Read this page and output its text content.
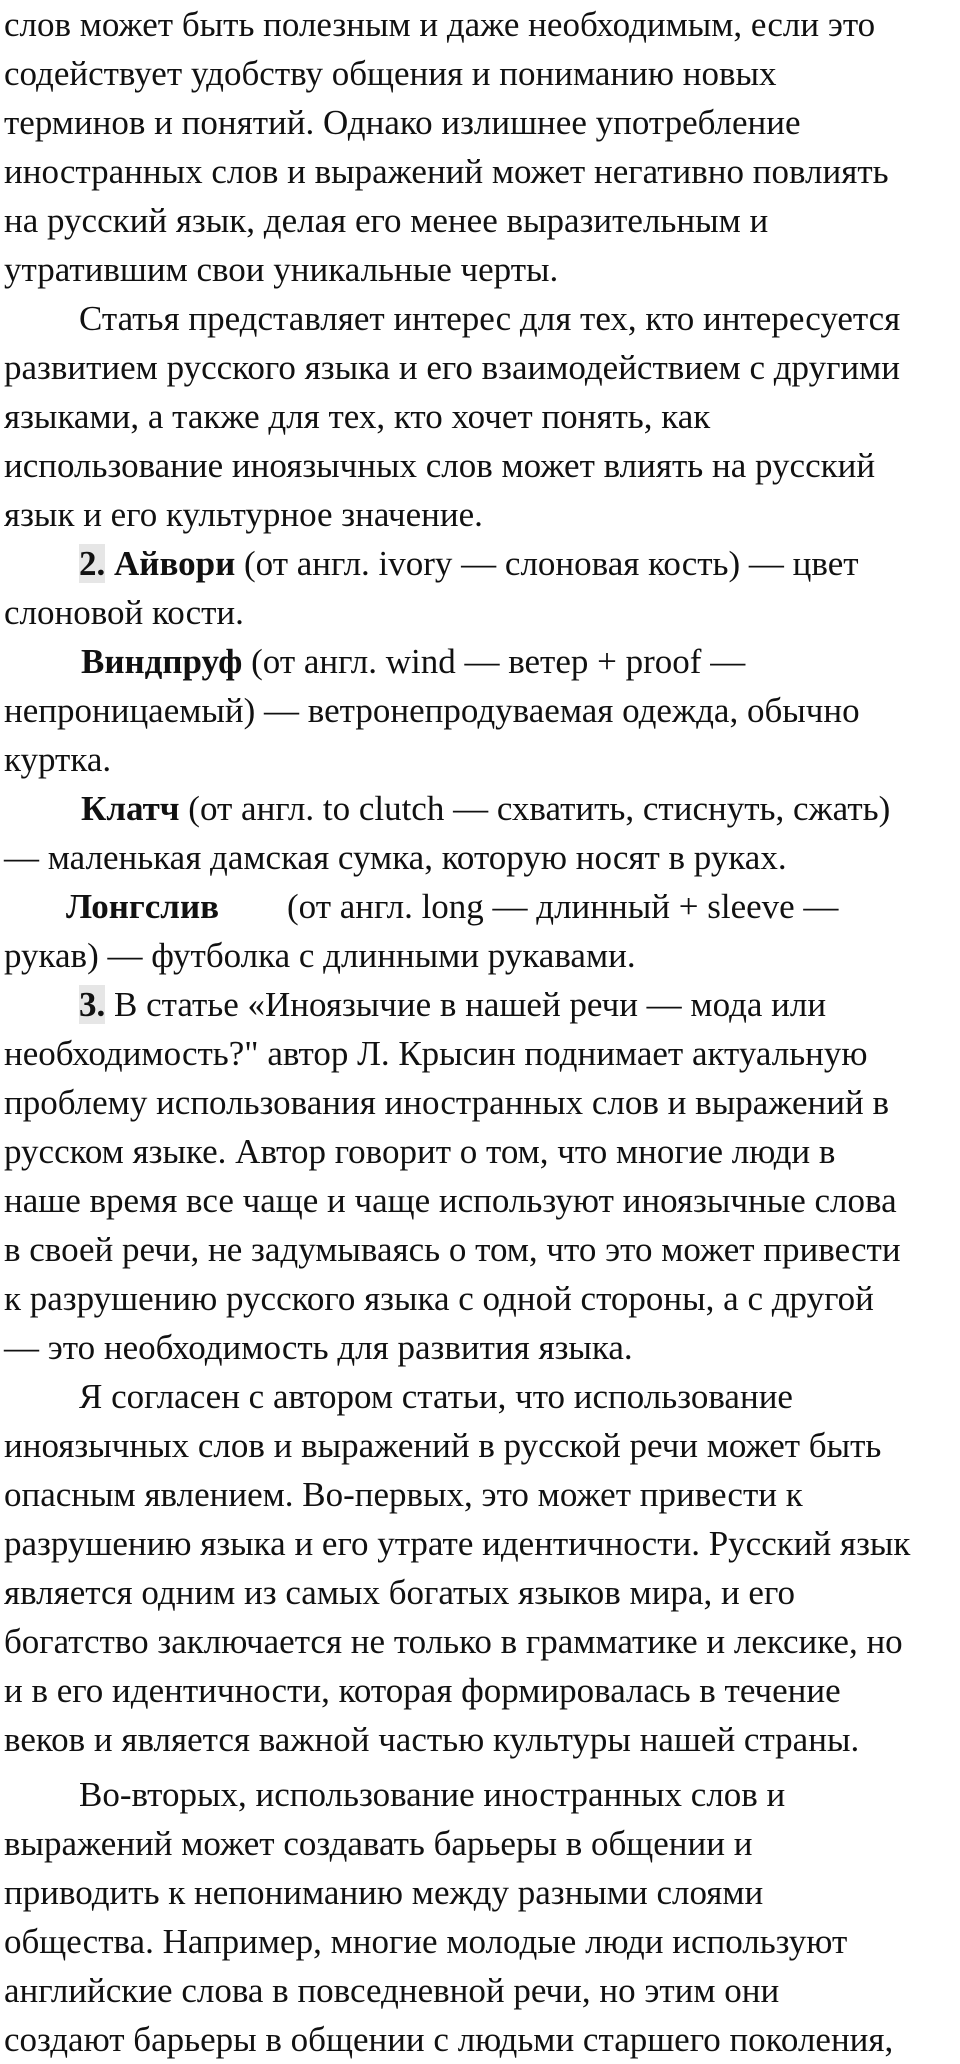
слов может быть полезным и даже необходимым, если это
содействует удобству общения и пониманию новых
терминов и понятий. Однако излишнее употребление
иностранных слов и выражений может негативно повлиять
на русский язык, делая его менее выразительным и
утратившим свои уникальные черты.

Статья представляет интерес для тех, кто интересуется
развитием русского языка и его взаимодействием с другими
языками, а также для тех, кто хочет понять, как
использование иноязычных слов может влиять на русский
язык и его культурное значение.

2. Айвори (от англ. ivory — слоновая кость) — цвет
слоновой кости.

Виндпруф (от англ. wind — ветер + proof —
непроницаемый) — ветронепродуваемая одежда, обычно
куртка.

Клатч (от англ. to clutch — схватить, стиснуть, сжать)
— маленькая дамская сумка, которую носят в руках.

Лонгслив (от англ. long — длинный + sleeve —
рукав) — футболка с длинными рукавами.

3. В статье «Иноязычие в нашей речи — мода или
необходимость?" автор Л. Крысин поднимает актуальную
проблему использования иностранных слов и выражений в
русском языке. Автор говорит о том, что многие люди в
наше время все чаще и чаще используют иноязычные слова
в своей речи, не задумываясь о том, что это может привести
к разрушению русского языка с одной стороны, а с другой
— это необходимость для развития языка.

Я согласен с автором статьи, что использование
иноязычных слов и выражений в русской речи может быть
опасным явлением. Во-первых, это может привести к
разрушению языка и его утрате идентичности. Русский язык
является одним из самых богатых языков мира, и его
богатство заключается не только в грамматике и лексике, но
и в его идентичности, которая формировалась в течение
веков и является важной частью культуры нашей страны.

Во-вторых, использование иностранных слов и
выражений может создавать барьеры в общении и
приводить к непониманию между разными слоями
общества. Например, многие молодые люди используют
английские слова в повседневной речи, но этим они
создают барьеры в общении с людьми старшего поколения,
